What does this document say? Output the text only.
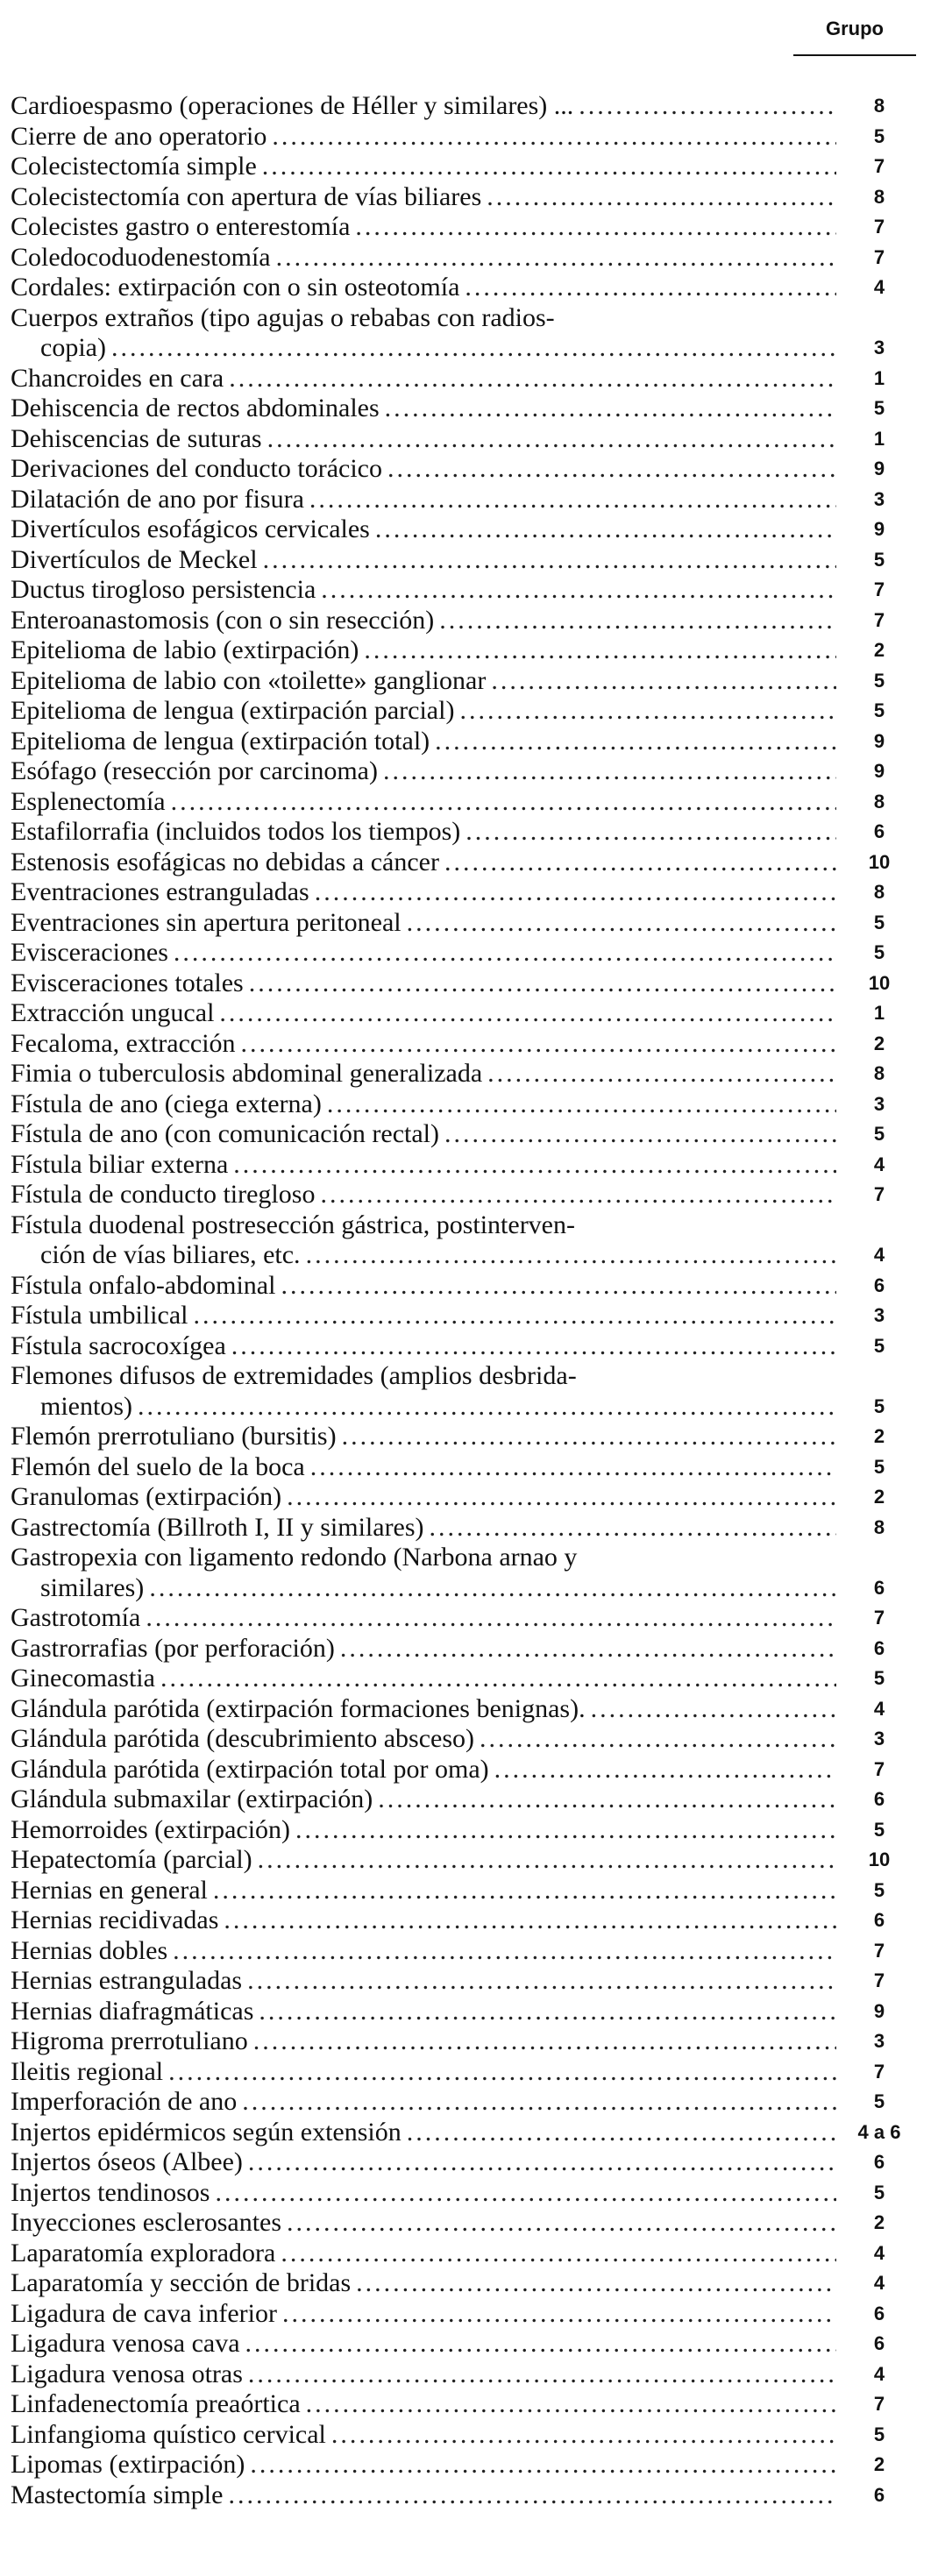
Grupo
Cardioespasmo (operaciones de Héller y similares) ... .....	8
Cierre de ano operatorio .....	5
Colecistectomía simple .....	7
Colecistectomía con apertura de vías biliares .....	8
Colecistes gastro o enterestomía .....	7
Coledocoduodenestomía .....	7
Cordales: extirpación con o sin osteotomía .....	4
Cuerpos extraños (tipo agujas o rebabas con radios-
copia) .....	3
Chancroides en cara .....	1
Dehiscencia de rectos abdominales .....	5
Dehiscencias de suturas .....	1
Derivaciones del conducto torácico .....	9
Dilatación de ano por fisura .....	3
Divertículos esofágicos cervicales .....	9
Divertículos de Meckel .....	5
Ductus tirogloso persistencia .....	7
Enteroanastomosis (con o sin resección) .....	7
Epitelioma de labio (extirpación) .....	2
Epitelioma de labio con «toilette» ganglionar .....	5
Epitelioma de lengua (extirpación parcial) .....	5
Epitelioma de lengua (extirpación total) .....	9
Esófago (resección por carcinoma) .....	9
Esplenectomía .....	8
Estafilorrafia (incluidos todos los tiempos) .....	6
Estenosis esofágicas no debidas a cáncer .....	10
Eventraciones estranguladas .....	8
Eventraciones sin apertura peritoneal .....	5
Evisceraciones .....	5
Evisceraciones totales .....	10
Extracción ungucal .....	1
Fecaloma, extracción .....	2
Fimia o tuberculosis abdominal generalizada .....	8
Fístula de ano (ciega externa) .....	3
Fístula de ano (con comunicación rectal) .....	5
Fístula biliar externa .....	4
Fístula de conducto tiregloso .....	7
Fístula duodenal postresección gástrica, postinterven-
ción de vías biliares, etc. .....	4
Fístula onfalo-abdominal .....	6
Fístula umbilical .....	3
Fístula sacrocoxígea .....	5
Flemones difusos de extremidades (amplios desbrida-
mientos) .....	5
Flemón prerrotuliano (bursitis) .....	2
Flemón del suelo de la boca .....	5
Granulomas (extirpación) .....	2
Gastrectomía (Billroth I, II y similares) .....	8
Gastropexia con ligamento redondo (Narbona arnao y
similares) .....	6
Gastrotomía .....	7
Gastrorrafias (por perforación) .....	6
Ginecomastia .....	5
Glándula parótida (extirpación formaciones benignas). .....	4
Glándula parótida (descubrimiento absceso) .....	3
Glándula parótida (extirpación total por oma) .....	7
Glándula submaxilar (extirpación) .....	6
Hemorroides (extirpación) .....	5
Hepatectomía (parcial) .....	10
Hernias en general .....	5
Hernias recidivadas .....	6
Hernias dobles .....	7
Hernias estranguladas .....	7
Hernias diafragmáticas .....	9
Higroma prerrotuliano .....	3
Ileitis regional .....	7
Imperforación de ano .....	5
Injertos epidérmicos según extensión .....	4 a 6
Injertos óseos (Albee) .....	6
Injertos tendinosos .....	5
Inyecciones esclerosantes .....	2
Laparatomía exploradora .....	4
Laparatomía y sección de bridas .....	4
Ligadura de cava inferior .....	6
Ligadura venosa cava .....	6
Ligadura venosa otras .....	4
Linfadenectomía preaórtica .....	7
Linfangioma quístico cervical .....	5
Lipomas (extirpación) .....	2
Mastectomía simple .....	6
